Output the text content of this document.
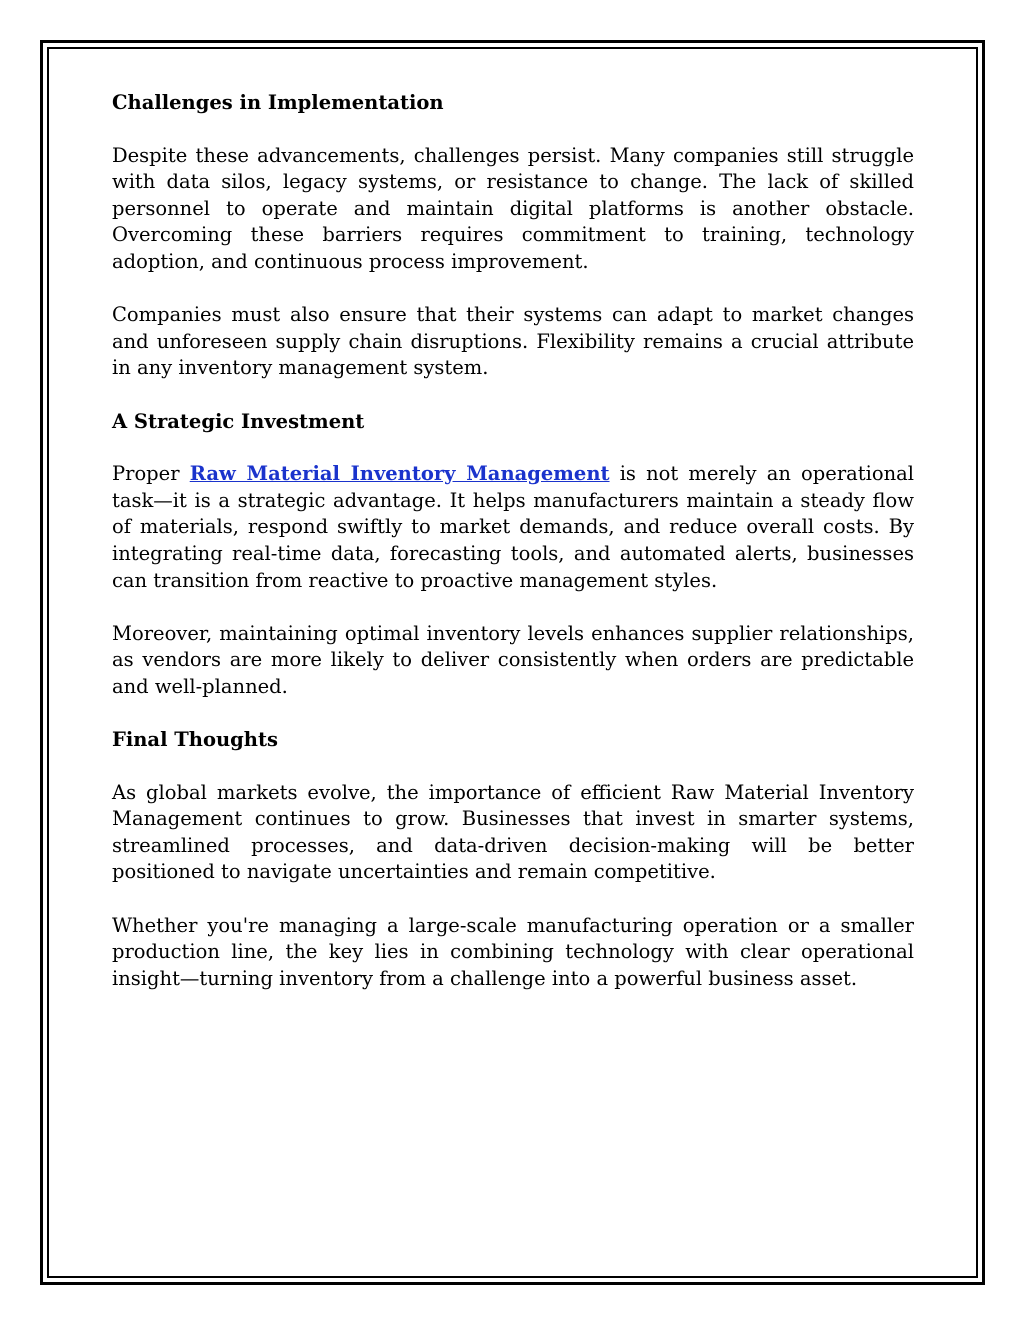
Challenges in Implementation

Despite these advancements, challenges persist. Many companies still struggle with data silos, legacy systems, or resistance to change. The lack of skilled personnel to operate and maintain digital platforms is another obstacle. Overcoming these barriers requires commitment to training, technology adoption, and continuous process improvement.

Companies must also ensure that their systems can adapt to market changes and unforeseen supply chain disruptions. Flexibility remains a crucial attribute in any inventory management system.

A Strategic Investment

Proper Raw Material Inventory Management is not merely an operational task—it is a strategic advantage. It helps manufacturers maintain a steady flow of materials, respond swiftly to market demands, and reduce overall costs. By integrating real-time data, forecasting tools, and automated alerts, businesses can transition from reactive to proactive management styles.

Moreover, maintaining optimal inventory levels enhances supplier relationships, as vendors are more likely to deliver consistently when orders are predictable and well-planned.

Final Thoughts

As global markets evolve, the importance of efficient Raw Material Inventory Management continues to grow. Businesses that invest in smarter systems, streamlined processes, and data-driven decision-making will be better positioned to navigate uncertainties and remain competitive.

Whether you're managing a large-scale manufacturing operation or a smaller production line, the key lies in combining technology with clear operational insight—turning inventory from a challenge into a powerful business asset.
